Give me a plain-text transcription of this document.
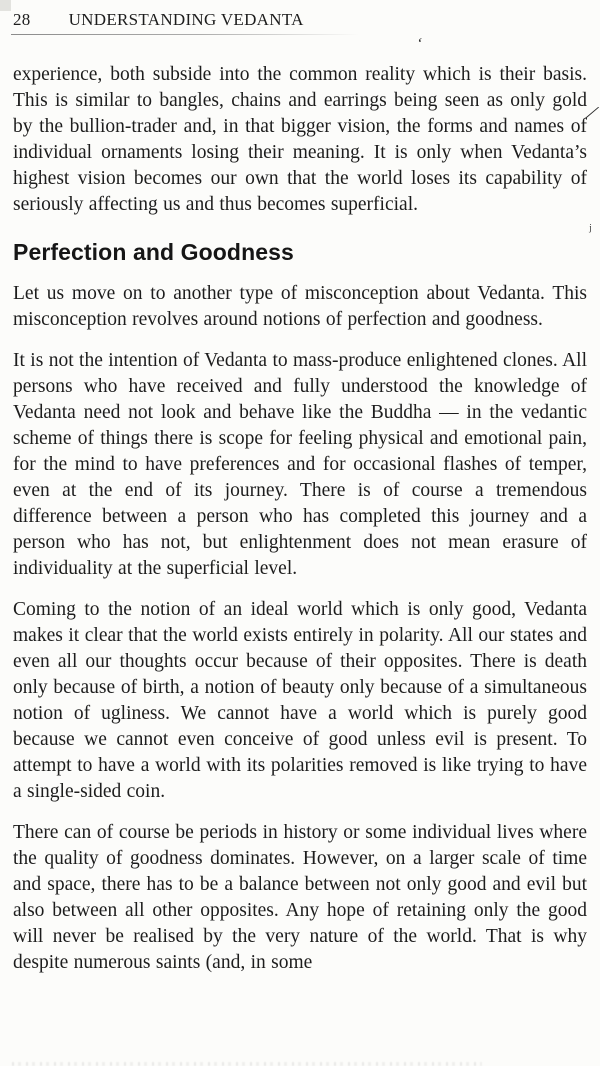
28 UNDERSTANDING VEDANTA

experience, both subside into the common reality which is their basis. This is similar to bangles, chains and earrings being seen as only gold by the bullion-trader and, in that bigger vision, the forms and names of individual ornaments losing their meaning. It is only when Vedanta’s highest vision becomes our own that the world loses its capability of seriously affecting us and thus becomes superficial.

Perfection and Goodness

Let us move on to another type of misconception about Vedanta. This misconception revolves around notions of perfection and goodness.

It is not the intention of Vedanta to mass-produce enlightened clones. All persons who have received and fully understood the knowledge of Vedanta need not look and behave like the Buddha — in the vedantic scheme of things there is scope for feeling physical and emotional pain, for the mind to have preferences and for occasional flashes of temper, even at the end of its journey. There is of course a tremendous difference between a person who has completed this journey and a person who has not, but enlightenment does not mean erasure of individuality at the superficial level.

Coming to the notion of an ideal world which is only good, Vedanta makes it clear that the world exists entirely in polarity. All our states and even all our thoughts occur because of their opposites. There is death only because of birth, a notion of beauty only because of a simultaneous notion of ugliness. We cannot have a world which is purely good because we cannot even conceive of good unless evil is present. To attempt to have a world with its polarities removed is like trying to have a single-sided coin.

There can of course be periods in history or some individual lives where the quality of goodness dominates. However, on a larger scale of time and space, there has to be a balance between not only good and evil but also between all other opposites. Any hope of retaining only the good will never be realised by the very nature of the world. That is why despite numerous saints (and, in some

‘
⁄
ʲ
